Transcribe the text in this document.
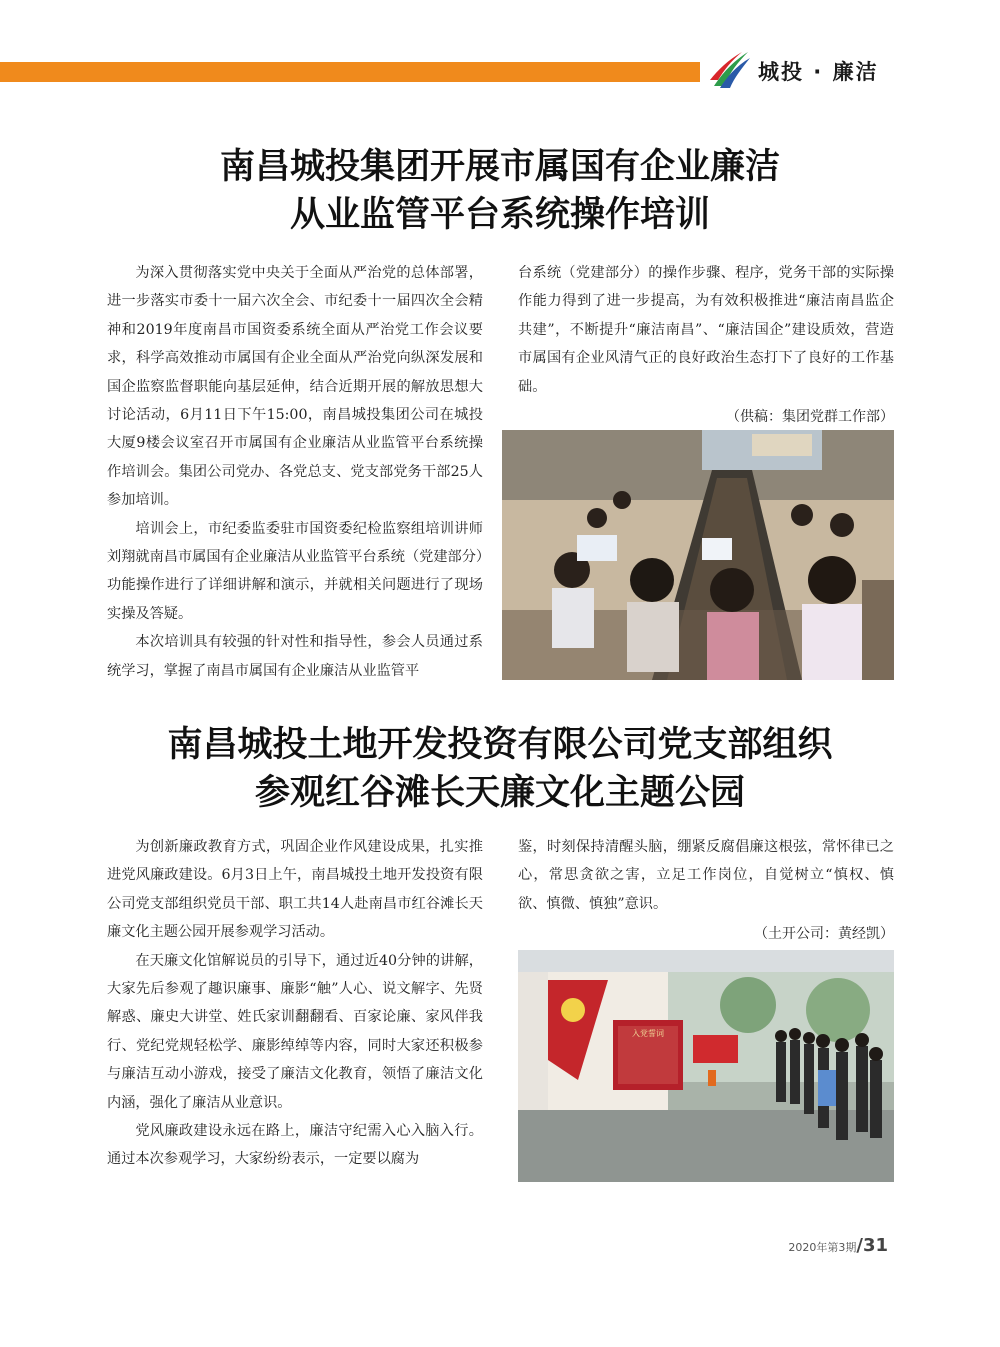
城投 · 廉洁
南昌城投集团开展市属国有企业廉洁
从业监管平台系统操作培训

为深入贯彻落实党中央关于全面从严治党的总体部署，进一步落实市委十一届六次全会、市纪委十一届四次全会精神和2019年度南昌市国资委系统全面从严治党工作会议要求，科学高效推动市属国有企业全面从严治党向纵深发展和国企监察监督职能向基层延伸，结合近期开展的解放思想大讨论活动，6月11日下午15:00，南昌城投集团公司在城投大厦9楼会议室召开市属国有企业廉洁从业监管平台系统操作培训会。集团公司党办、各党总支、党支部党务干部25人参加培训。

培训会上，市纪委监委驻市国资委纪检监察组培训讲师刘翔就南昌市属国有企业廉洁从业监管平台系统（党建部分）功能操作进行了详细讲解和演示，并就相关问题进行了现场实操及答疑。

本次培训具有较强的针对性和指导性，参会人员通过系统学习，掌握了南昌市属国有企业廉洁从业监管平

台系统（党建部分）的操作步骤、程序，党务干部的实际操作能力得到了进一步提高，为有效积极推进“廉洁南昌监企共建”，不断提升“廉洁南昌”、“廉洁国企”建设质效，营造市属国有企业风清气正的良好政治生态打下了良好的工作基础。

（供稿：集团党群工作部）

南昌城投土地开发投资有限公司党支部组织
参观红谷滩长天廉文化主题公园

为创新廉政教育方式，巩固企业作风建设成果，扎实推进党风廉政建设。6月3日上午，南昌城投土地开发投资有限公司党支部组织党员干部、职工共14人赴南昌市红谷滩长天廉文化主题公园开展参观学习活动。

在天廉文化馆解说员的引导下，通过近40分钟的讲解，大家先后参观了趣识廉事、廉影“触”人心、说文解字、先贤解惑、廉史大讲堂、姓氏家训翻翻看、百家论廉、家风伴我行、党纪党规轻松学、廉影绰绰等内容，同时大家还积极参与廉洁互动小游戏，接受了廉洁文化教育，领悟了廉洁文化内涵，强化了廉洁从业意识。

党风廉政建设永远在路上，廉洁守纪需入心入脑入行。通过本次参观学习，大家纷纷表示，一定要以腐为

鉴，时刻保持清醒头脑，绷紧反腐倡廉这根弦，常怀律已之心，常思贪欲之害，立足工作岗位，自觉树立“慎权、慎欲、慎微、慎独”意识。

（土开公司：黄经凯）

入党誓词
2020年第3期/31
